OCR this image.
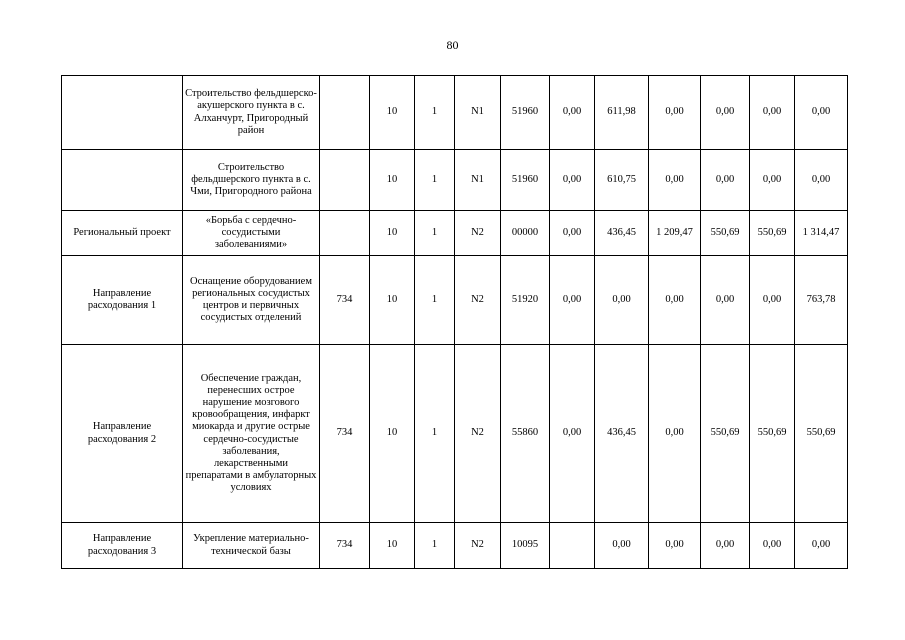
80
	Строительство фельдшерско-акушерского пункта в с. Алханчурт, Пригородный район		10	1	N1	51960	0,00	611,98	0,00	0,00	0,00	0,00
	Строительство фельдшерского пункта в с. Чми, Пригородного района		10	1	N1	51960	0,00	610,75	0,00	0,00	0,00	0,00
Региональный проект	«Борьба с сердечно-сосудистыми заболеваниями»		10	1	N2	00000	0,00	436,45	1 209,47	550,69	550,69	1 314,47
Направление расходования 1	Оснащение оборудованием региональных сосудистых центров и первичных сосудистых отделений	734	10	1	N2	51920	0,00	0,00	0,00	0,00	0,00	763,78
Направление расходования 2	Обеспечение граждан, перенесших острое нарушение мозгового кровообращения, инфаркт миокарда и другие острые сердечно-сосудистые заболевания, лекарственными препаратами в амбулаторных условиях	734	10	1	N2	55860	0,00	436,45	0,00	550,69	550,69	550,69
Направление расходования 3	Укрепление материально-технической базы	734	10	1	N2	10095		0,00	0,00	0,00	0,00	0,00
